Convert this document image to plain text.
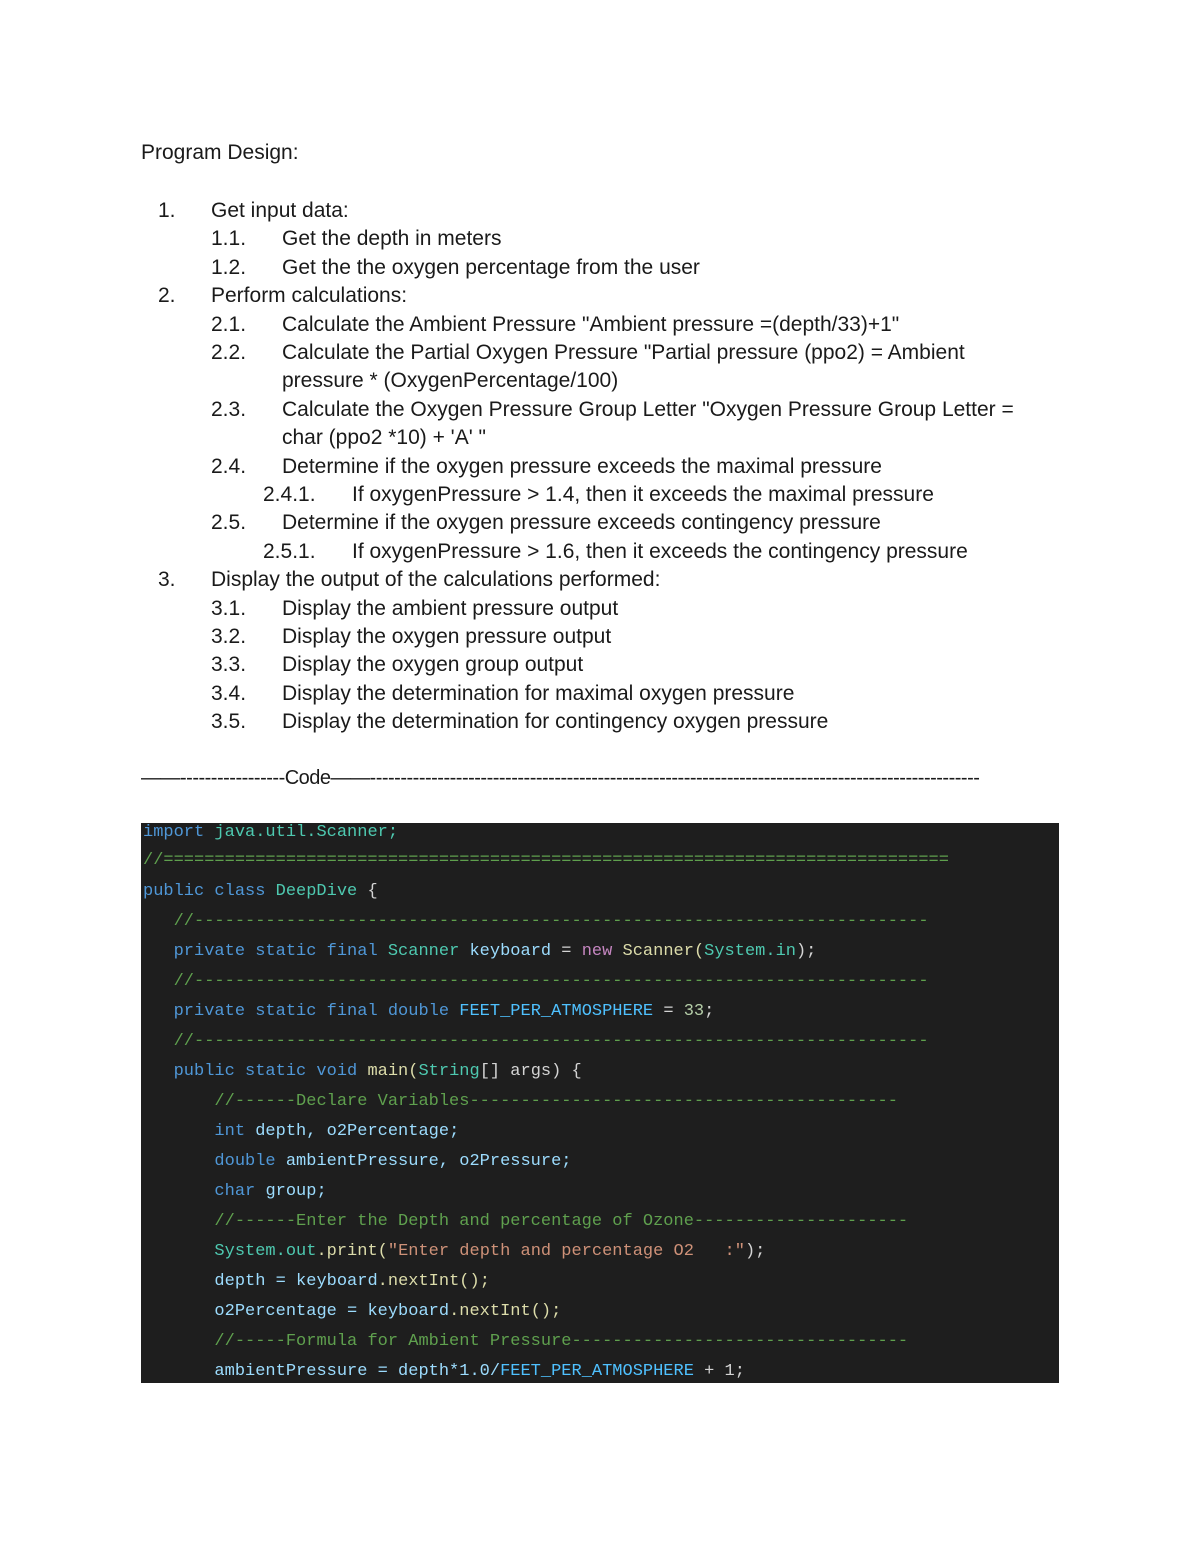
Program Design:
1. Get input data:
1.1. Get the depth in meters
1.2. Get the the oxygen percentage from the user
2. Perform calculations:
2.1. Calculate the Ambient Pressure "Ambient pressure =(depth/33)+1"
2.2. Calculate the Partial Oxygen Pressure "Partial pressure (ppo2) = Ambient
pressure * (OxygenPercentage/100)
2.3. Calculate the Oxygen Pressure Group Letter "Oxygen Pressure Group Letter =
char (ppo2 *10) + 'A' "
2.4. Determine if the oxygen pressure exceeds the maximal pressure
2.4.1. If oxygenPressure > 1.4, then it exceeds the maximal pressure
2.5. Determine if the oxygen pressure exceeds contingency pressure
2.5.1. If oxygenPressure > 1.6, then it exceeds the contingency pressure
3. Display the output of the calculations performed:
3.1. Display the ambient pressure output
3.2. Display the oxygen pressure output
3.3. Display the oxygen group output
3.4. Display the determination for maximal oxygen pressure
3.5. Display the determination for contingency oxygen pressure
——-----------------Code——---------------------------------------------------------------------------------------------------
import java.util.Scanner;
//=============================================================================
public class DeepDive {
//------------------------------------------------------------------------
private static final Scanner keyboard = new Scanner(System.in);
//------------------------------------------------------------------------
private static final double FEET_PER_ATMOSPHERE = 33;
//------------------------------------------------------------------------
public static void main(String[] args) {
//------Declare Variables------------------------------------------
int depth, o2Percentage;
double ambientPressure, o2Pressure;
char group;
//------Enter the Depth and percentage of Ozone---------------------
System.out.print("Enter depth and percentage O2   :");
depth = keyboard.nextInt();
o2Percentage = keyboard.nextInt();
//-----Formula for Ambient Pressure---------------------------------
ambientPressure = depth*1.0/FEET_PER_ATMOSPHERE + 1;
